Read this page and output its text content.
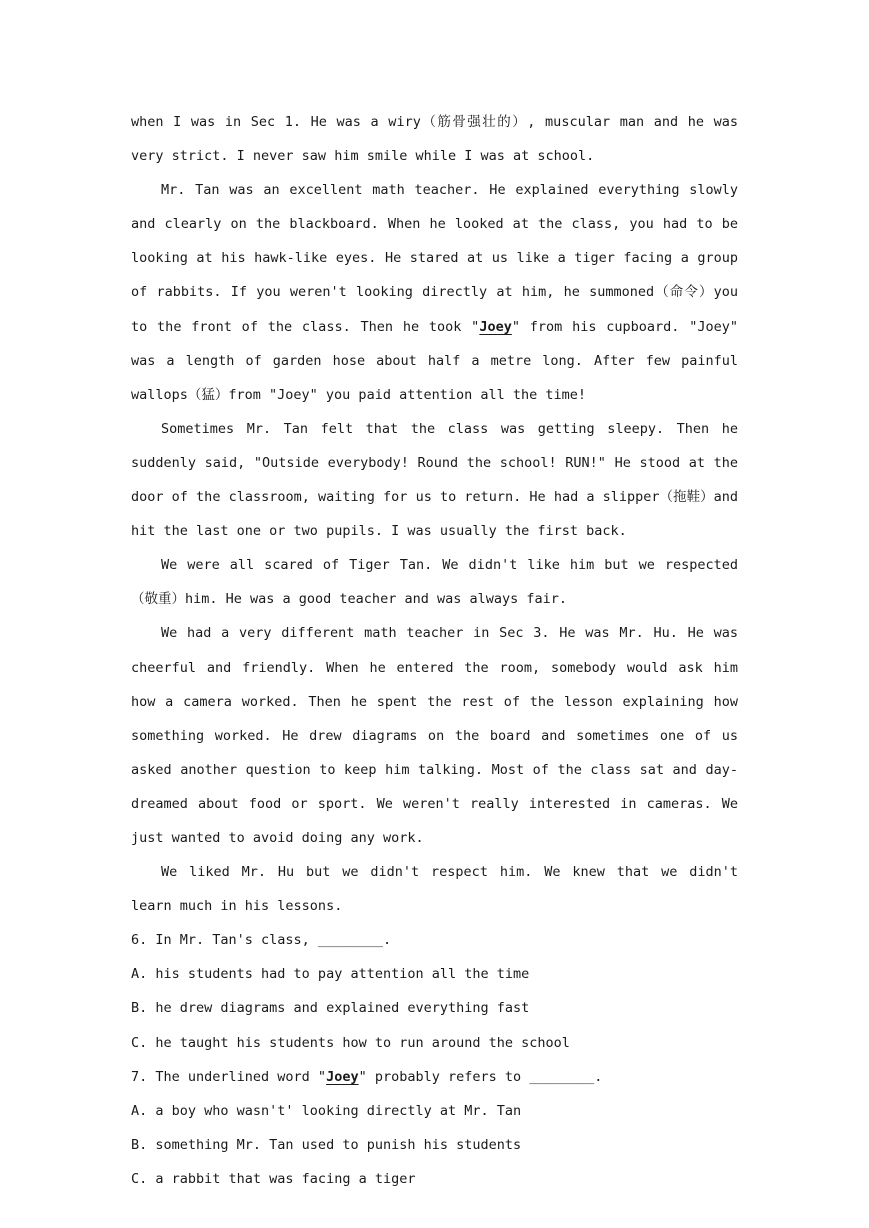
when I was in Sec 1. He was a wiry（筋骨强壮的）, muscular man and he was very strict. I never saw him smile while I was at school.

Mr. Tan was an excellent math teacher. He explained everything slowly and clearly on the blackboard. When he looked at the class, you had to be looking at his hawk-like eyes. He stared at us like a tiger facing a group of rabbits. If you weren't looking directly at him, he summoned（命令）you to the front of the class. Then he took "Joey" from his cupboard. "Joey" was a length of garden hose about half a metre long. After few painful wallops（猛）from "Joey" you paid attention all the time!

Sometimes Mr. Tan felt that the class was getting sleepy. Then he suddenly said, "Outside everybody! Round the school! RUN!" He stood at the door of the classroom, waiting for us to return. He had a slipper（拖鞋）and hit the last one or two pupils. I was usually the first back.

We were all scared of Tiger Tan. We didn't like him but we respected（敬重）him. He was a good teacher and was always fair.

We had a very different math teacher in Sec 3. He was Mr. Hu. He was cheerful and friendly. When he entered the room, somebody would ask him how a camera worked. Then he spent the rest of the lesson explaining how something worked. He drew diagrams on the board and sometimes one of us asked another question to keep him talking. Most of the class sat and day-dreamed about food or sport. We weren't really interested in cameras. We just wanted to avoid doing any work.

We liked Mr. Hu but we didn't respect him. We knew that we didn't learn much in his lessons.

6. In Mr. Tan's class, ________.

A. his students had to pay attention all the time

B. he drew diagrams and explained everything fast

C. he taught his students how to run around the school

7. The underlined word "Joey" probably refers to ________.

A. a boy who wasn't' looking directly at Mr. Tan

B. something Mr. Tan used to punish his students

C. a rabbit that was facing a tiger
